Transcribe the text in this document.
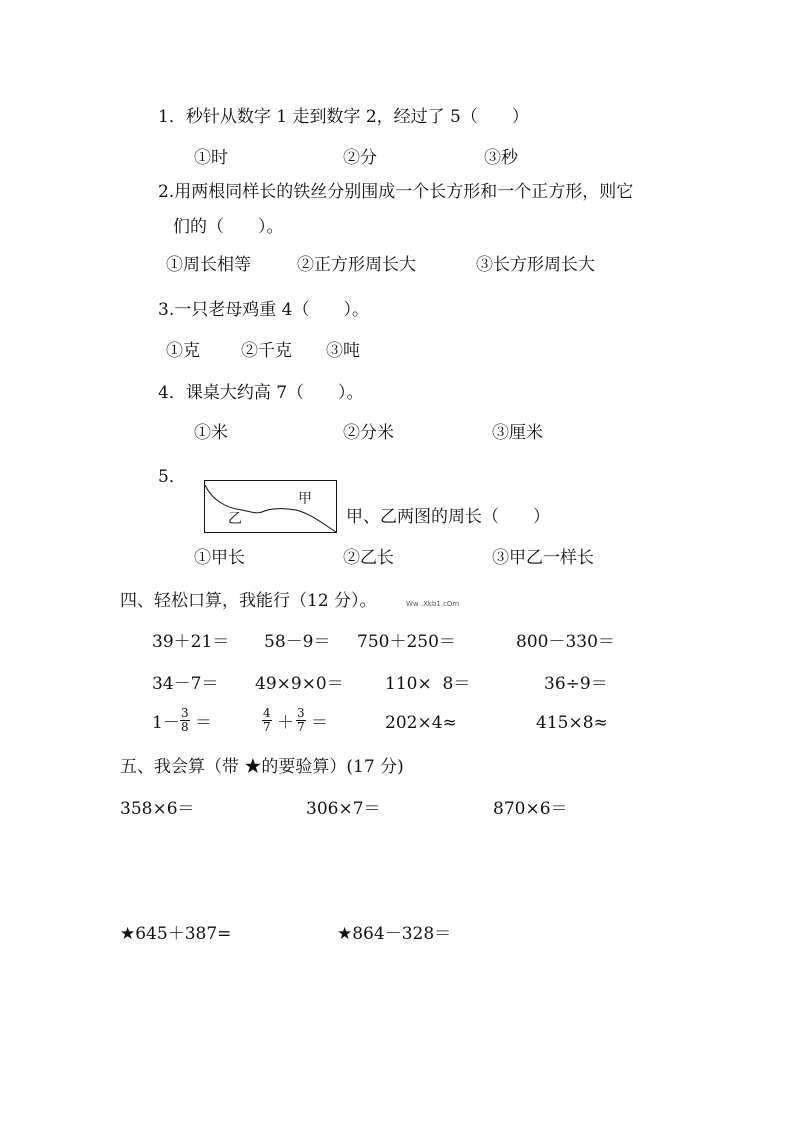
1．秒针从数字 1 走到数字 2，经过了 5（　　）
①时	②分	③秒
2.用两根同样长的铁丝分别围成一个长方形和一个正方形，则它
们的（　　）。
①周长相等	②正方形周长大	③长方形周长大
3.一只老母鸡重 4（　　）。
①克 ②千克 ③吨
4．课桌大约高 7（　　）。
①米	②分米	③厘米
5．
甲
乙	甲、乙两图的周长（　　）
①甲长	②乙长	③甲乙一样长
四、轻松口算，我能行（12 分）。	Ww .Xkb1.cOm
39＋21＝ 58－9＝ 750＋250＝	800－330＝
34－7＝ 49×9×0＝ 110×  8＝	36÷9＝
$1- \frac{3}{8}$ ＝	$\frac{4}{7} + \frac{3}{7}$ ＝	202×4≈	415×8≈
五、我会算（带 ★的要验算）(17 分)
358×6＝	306×7＝	870×6＝
★645＋387=	★864－328＝
